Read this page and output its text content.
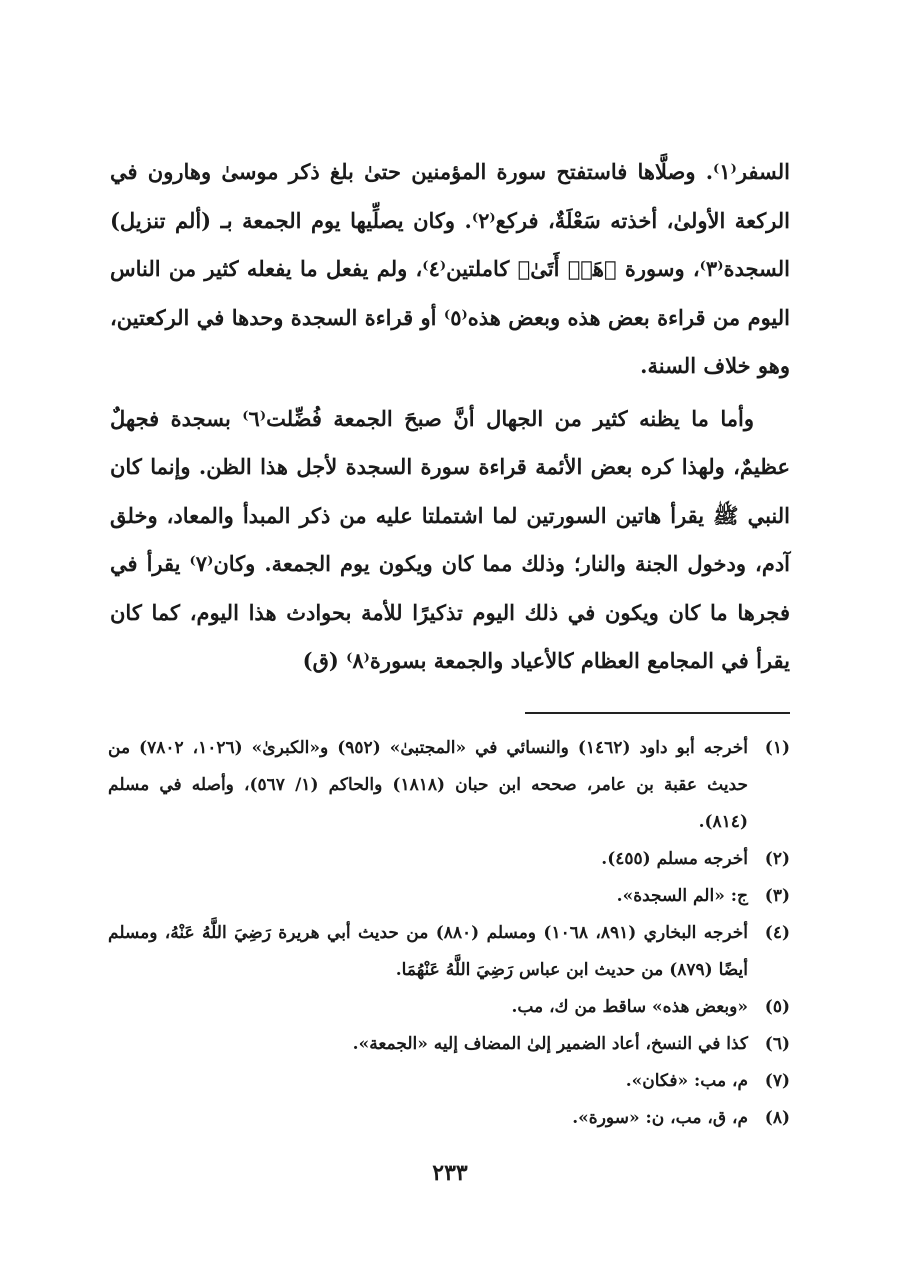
السفر⁽١⁾. وصلَّاها فاستفتح سورة المؤمنين حتىٰ بلغ ذكر موسىٰ وهارون في الركعة الأولىٰ، أخذته سَعْلَةٌ، فركع⁽٢⁾. وكان يصلِّيها يوم الجمعة بـ (ألم تنزيل) السجدة⁽٣⁾، وسورة ﴿هَلۡ أَتَىٰ﴾ كاملتين⁽٤⁾، ولم يفعل ما يفعله كثير من الناس اليوم من قراءة بعض هذه وبعض هذه⁽٥⁾ أو قراءة السجدة وحدها في الركعتين، وهو خلاف السنة.

وأما ما يظنه كثير من الجهال أنَّ صبحَ الجمعة فُضِّلت⁽٦⁾ بسجدة فجهلٌ عظيمٌ، ولهذا كره بعض الأئمة قراءة سورة السجدة لأجل هذا الظن. وإنما كان النبي ﷺ يقرأ هاتين السورتين لما اشتملتا عليه من ذكر المبدأ والمعاد، وخلق آدم، ودخول الجنة والنار؛ وذلك مما كان ويكون يوم الجمعة. وكان⁽٧⁾ يقرأ في فجرها ما كان ويكون في ذلك اليوم تذكيرًا للأمة بحوادث هذا اليوم، كما كان يقرأ في المجامع العظام كالأعياد والجمعة بسورة⁽٨⁾ (ق)

(١)
أخرجه أبو داود (١٤٦٢) والنسائي في «المجتبىٰ» (٩٥٢) و«الكبرىٰ» (١٠٢٦، ٧٨٠٢) من حديث عقبة بن عامر، صححه ابن حبان (١٨١٨) والحاكم (١/ ٥٦٧)، وأصله في مسلم (٨١٤).
(٢)
أخرجه مسلم (٤٥٥).
(٣)
ج: «الم السجدة».
(٤)
أخرجه البخاري (٨٩١، ١٠٦٨) ومسلم (٨٨٠) من حديث أبي هريرة رَضِيَ اللَّهُ عَنْهُ، ومسلم أيضًا (٨٧٩) من حديث ابن عباس رَضِيَ اللَّهُ عَنْهُمَا.
(٥)
«وبعض هذه» ساقط من ك، مب.
(٦)
كذا في النسخ، أعاد الضمير إلىٰ المضاف إليه «الجمعة».
(٧)
م، مب: «فكان».
(٨)
م، ق، مب، ن: «سورة».
٢٣٣
